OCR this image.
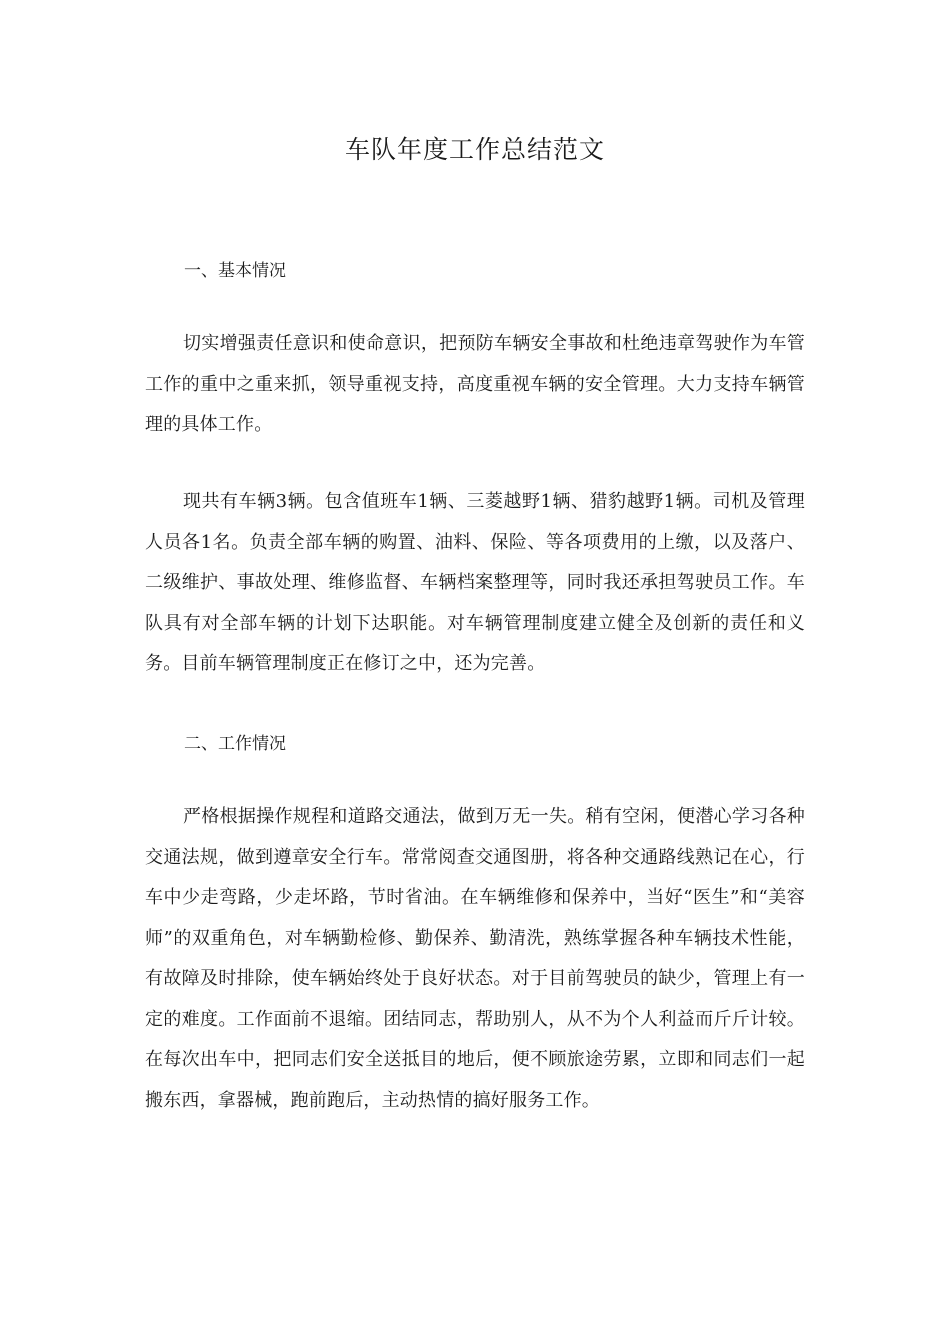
车队年度工作总结范文
一、基本情况

切实增强责任意识和使命意识，把预防车辆安全事故和杜绝违章驾驶作为车管工作的重中之重来抓，领导重视支持，高度重视车辆的安全管理。大力支持车辆管理的具体工作。

现共有车辆3辆。包含值班车1辆、三菱越野1辆、猎豹越野1辆。司机及管理人员各1名。负责全部车辆的购置、油料、保险、等各项费用的上缴，以及落户、二级维护、事故处理、维修监督、车辆档案整理等，同时我还承担驾驶员工作。车队具有对全部车辆的计划下达职能。对车辆管理制度建立健全及创新的责任和义务。目前车辆管理制度正在修订之中，还为完善。

二、工作情况

严格根据操作规程和道路交通法，做到万无一失。稍有空闲，便潜心学习各种交通法规，做到遵章安全行车。常常阅查交通图册，将各种交通路线熟记在心，行车中少走弯路，少走坏路，节时省油。在车辆维修和保养中，当好“医生”和“美容师”的双重角色，对车辆勤检修、勤保养、勤清洗，熟练掌握各种车辆技术性能，有故障及时排除，使车辆始终处于良好状态。对于目前驾驶员的缺少，管理上有一定的难度。工作面前不退缩。团结同志，帮助别人，从不为个人利益而斤斤计较。在每次出车中，把同志们安全送抵目的地后，便不顾旅途劳累，立即和同志们一起搬东西，拿器械，跑前跑后，主动热情的搞好服务工作。
